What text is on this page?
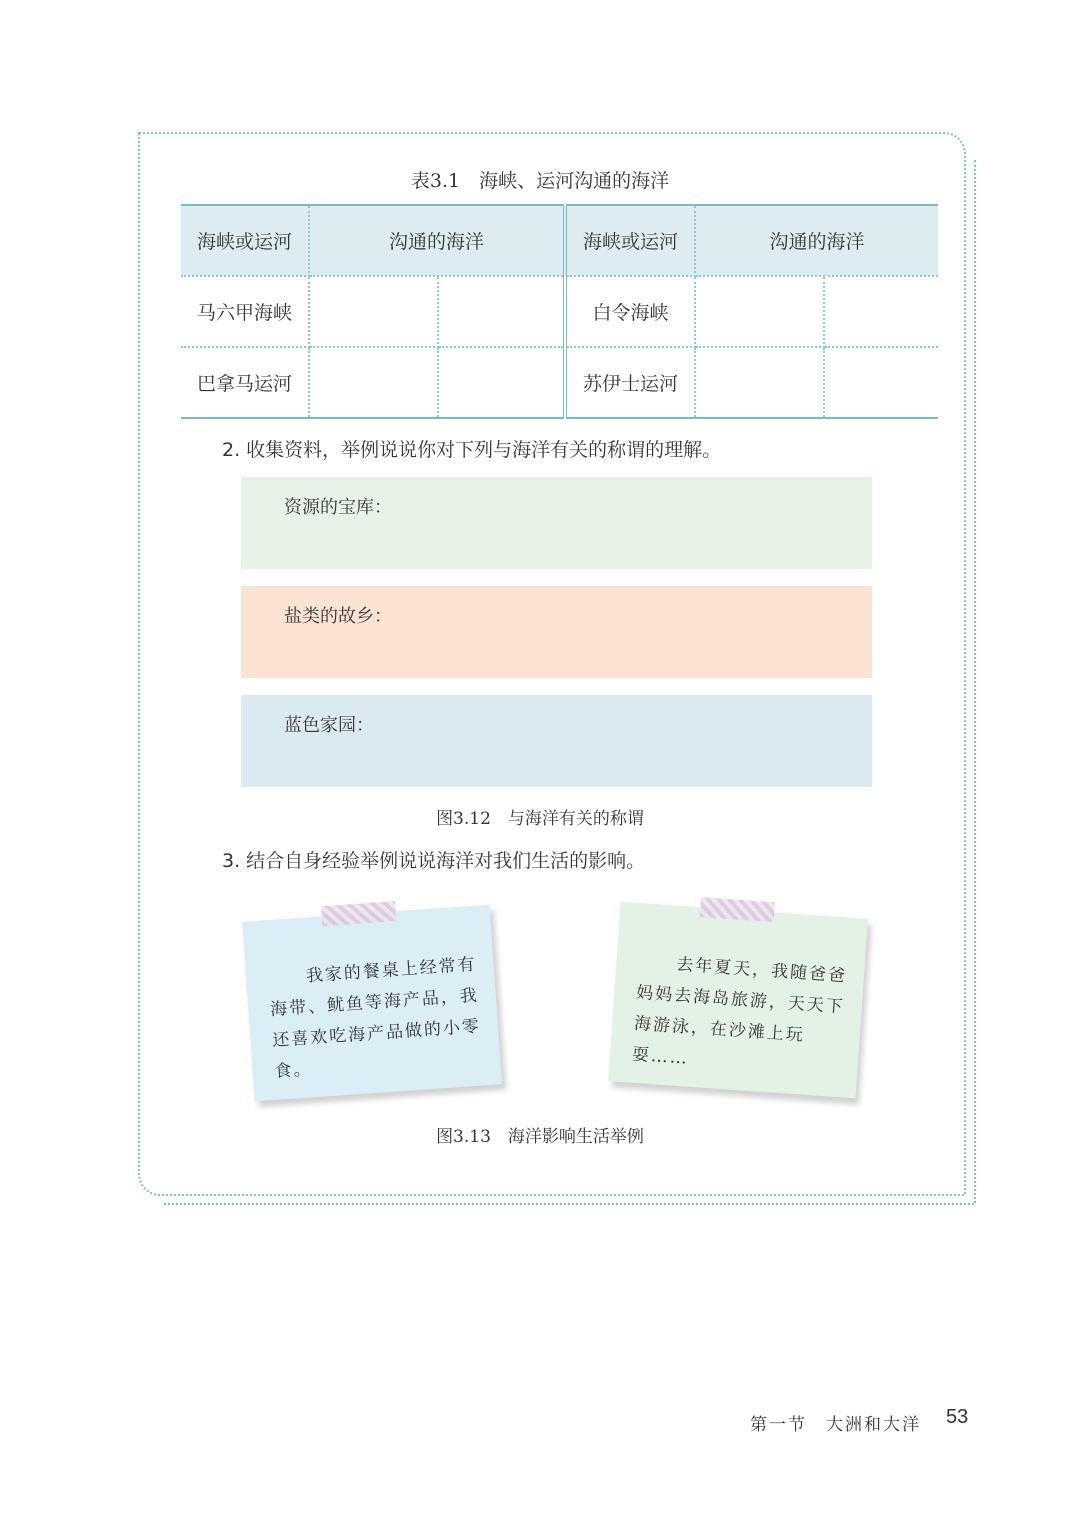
表3.1　海峡、运河沟通的海洋
海峡或运河	沟通的海洋		海峡或运河	沟通的海洋	
马六甲海峡			白令海峡		
巴拿马运河			苏伊士运河		
2. 收集资料，举例说说你对下列与海洋有关的称谓的理解。
资源的宝库：
盐类的故乡：
蓝色家园：
图3.12　与海洋有关的称谓
3. 结合自身经验举例说说海洋对我们生活的影响。
　　我家的餐桌上经常有海带、鱿鱼等海产品，我还喜欢吃海产品做的小零食。
　　去年夏天，我随爸爸妈妈去海岛旅游，天天下海游泳，在沙滩上玩耍……
图3.13　海洋影响生活举例
第一节　大洲和大洋 53
